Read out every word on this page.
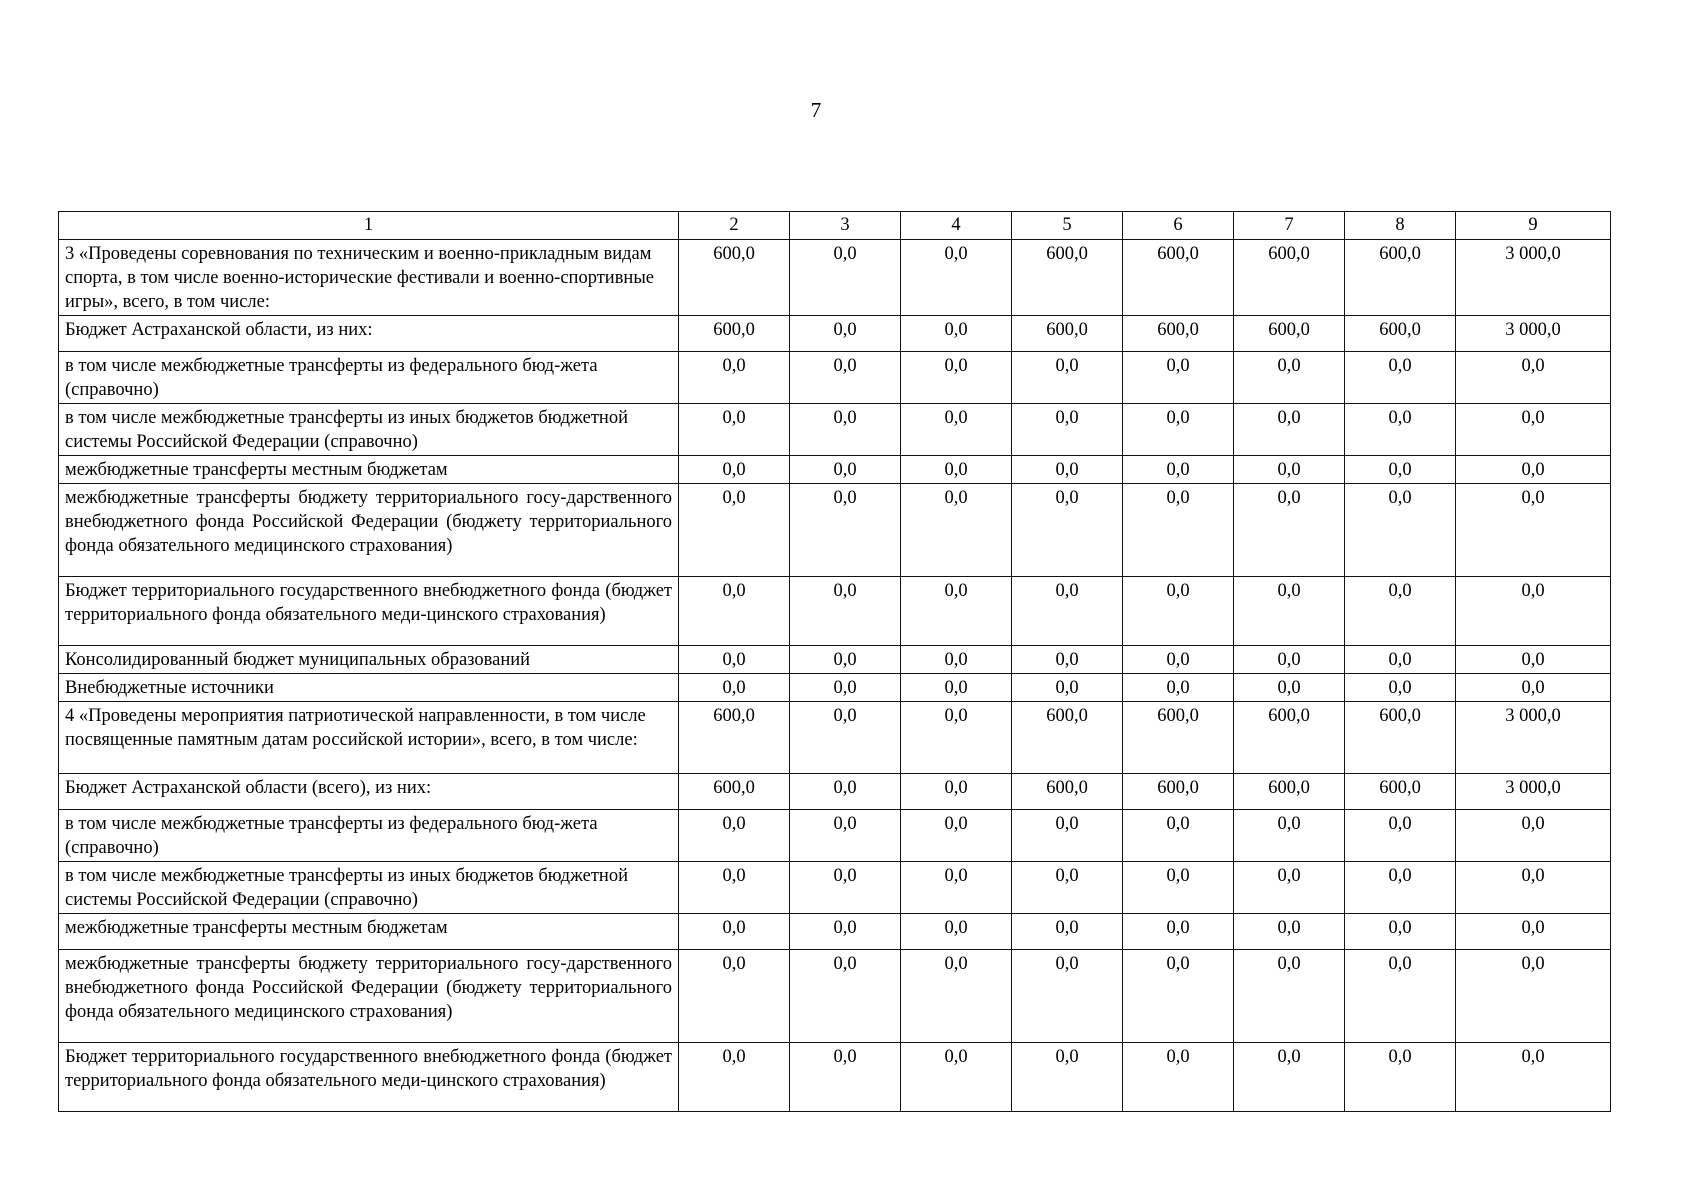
7
1	2	3	4	5	6	7	8	9
3 «Проведены соревнования по техническим и военно-прикладным видам спорта, в том числе военно-исторические фестивали и военно-спортивные игры», всего, в том числе:	600,0	0,0	0,0	600,0	600,0	600,0	600,0	3 000,0
Бюджет Астраханской области, из них:	600,0	0,0	0,0	600,0	600,0	600,0	600,0	3 000,0
в том числе межбюджетные трансферты из федерального бюд-жета (справочно)	0,0	0,0	0,0	0,0	0,0	0,0	0,0	0,0
в том числе межбюджетные трансферты из иных бюджетов бюджетной системы Российской Федерации (справочно)	0,0	0,0	0,0	0,0	0,0	0,0	0,0	0,0
межбюджетные трансферты местным бюджетам	0,0	0,0	0,0	0,0	0,0	0,0	0,0	0,0
межбюджетные трансферты бюджету территориального госу-дарственного внебюджетного фонда Российской Федерации (бюджету территориального фонда обязательного медицинского страхования)	0,0	0,0	0,0	0,0	0,0	0,0	0,0	0,0
Бюджет территориального государственного внебюджетного фонда (бюджет территориального фонда обязательного меди-цинского страхования)	0,0	0,0	0,0	0,0	0,0	0,0	0,0	0,0
Консолидированный бюджет муниципальных образований	0,0	0,0	0,0	0,0	0,0	0,0	0,0	0,0
Внебюджетные источники	0,0	0,0	0,0	0,0	0,0	0,0	0,0	0,0
4 «Проведены мероприятия патриотической направленности, в том числе посвященные памятным датам российской истории», всего, в том числе:	600,0	0,0	0,0	600,0	600,0	600,0	600,0	3 000,0
Бюджет Астраханской области (всего), из них:	600,0	0,0	0,0	600,0	600,0	600,0	600,0	3 000,0
в том числе межбюджетные трансферты из федерального бюд-жета (справочно)	0,0	0,0	0,0	0,0	0,0	0,0	0,0	0,0
в том числе межбюджетные трансферты из иных бюджетов бюджетной системы Российской Федерации (справочно)	0,0	0,0	0,0	0,0	0,0	0,0	0,0	0,0
межбюджетные трансферты местным бюджетам	0,0	0,0	0,0	0,0	0,0	0,0	0,0	0,0
межбюджетные трансферты бюджету территориального госу-дарственного внебюджетного фонда Российской Федерации (бюджету территориального фонда обязательного медицинского страхования)	0,0	0,0	0,0	0,0	0,0	0,0	0,0	0,0
Бюджет территориального государственного внебюджетного фонда (бюджет территориального фонда обязательного меди-цинского страхования)	0,0	0,0	0,0	0,0	0,0	0,0	0,0	0,0
